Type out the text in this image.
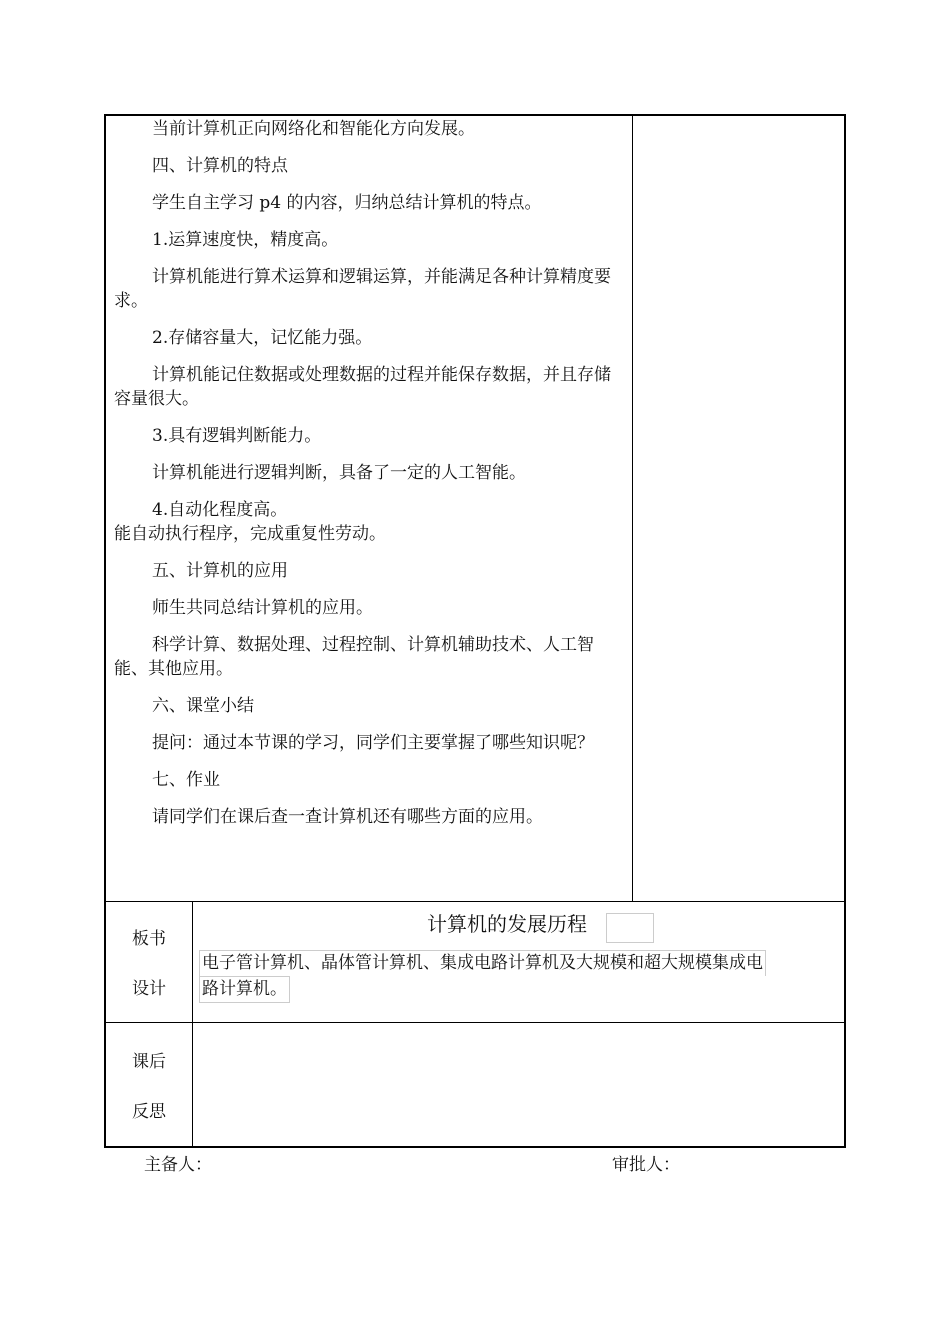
当前计算机正向网络化和智能化方向发展。

四、计算机的特点

学生自主学习 p4 的内容，归纳总结计算机的特点。

1.运算速度快，精度高。

计算机能进行算术运算和逻辑运算，并能满足各种计算精度要求。

2.存储容量大，记忆能力强。

计算机能记住数据或处理数据的过程并能保存数据，并且存储容量很大。

3.具有逻辑判断能力。

计算机能进行逻辑判断，具备了一定的人工智能。

4.自动化程度高。

能自动执行程序，完成重复性劳动。

五、计算机的应用

师生共同总结计算机的应用。

科学计算、数据处理、过程控制、计算机辅助技术、人工智能、其他应用。

六、课堂小结

提问：通过本节课的学习，同学们主要掌握了哪些知识呢？

七、作业

请同学们在课后查一查计算机还有哪些方面的应用。

板书
设计
计算机的发展历程
电子管计算机、晶体管计算机、集成电路计算机及大规模和超大规模集成电
路计算机。
课后
反思
主备人：	审批人：
